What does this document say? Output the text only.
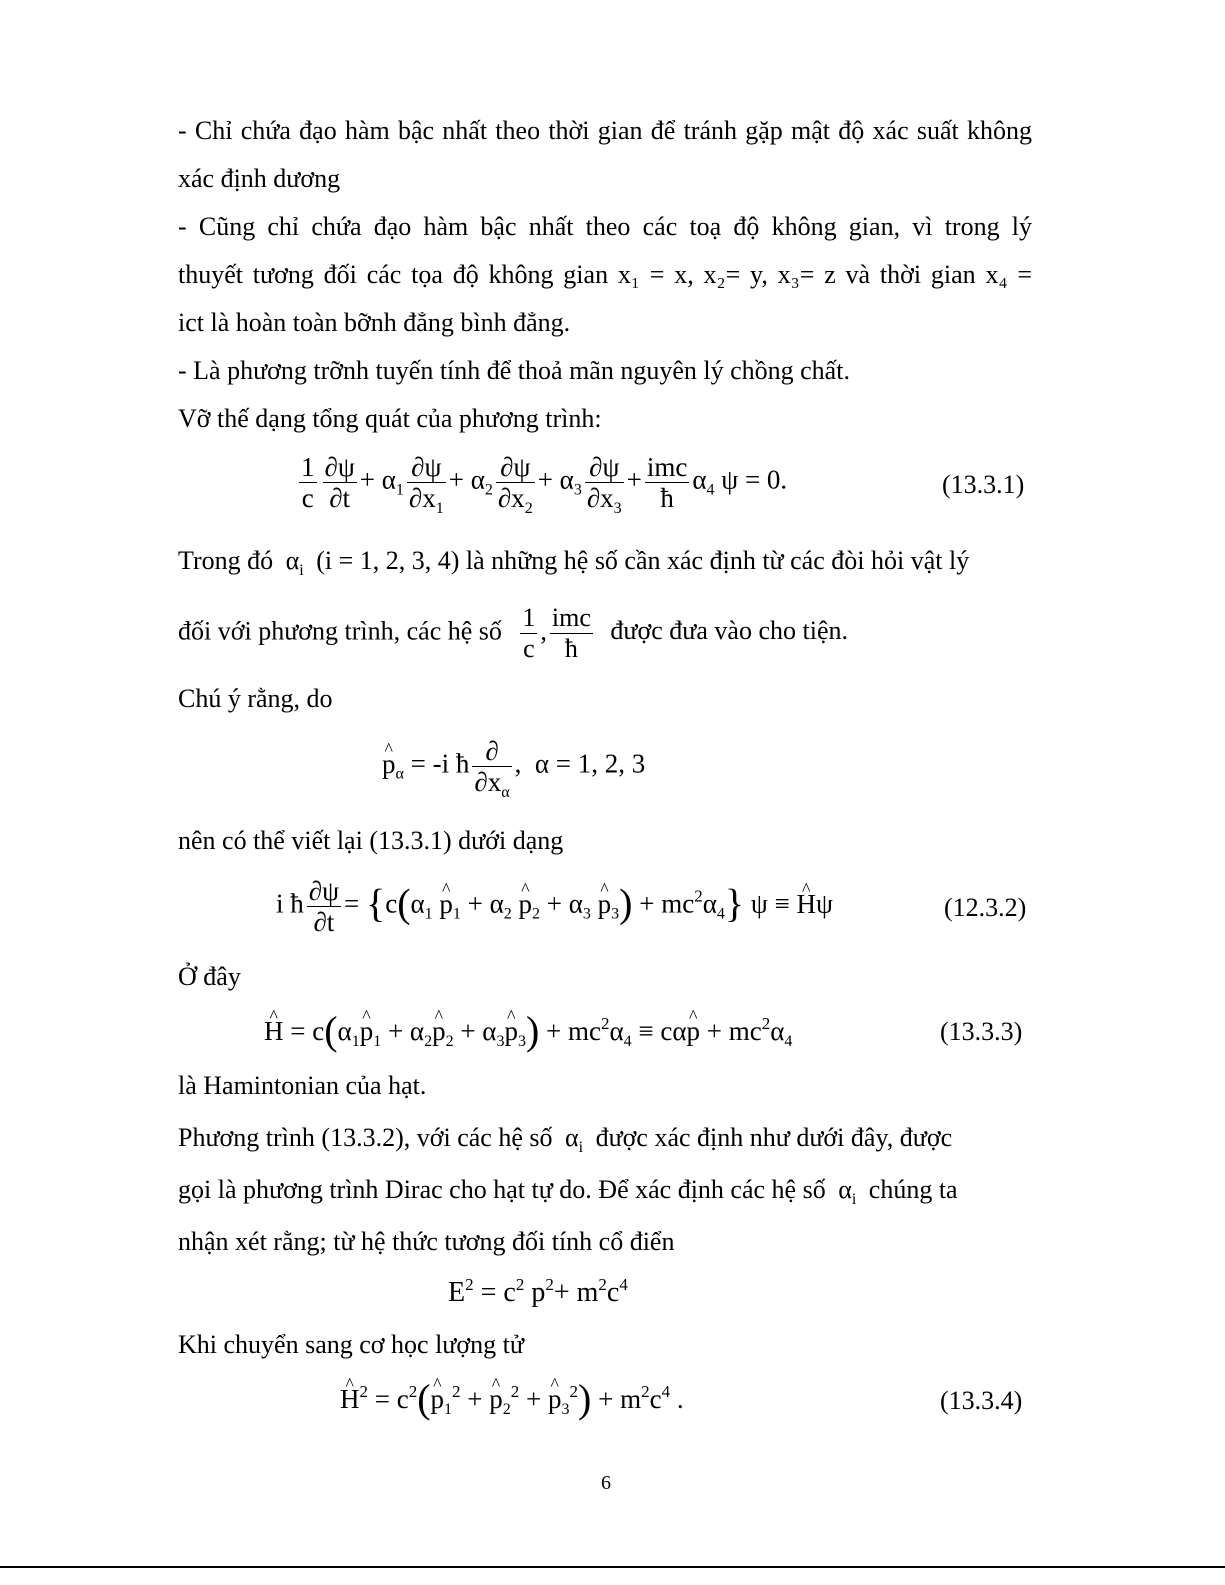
- Chỉ chứa đạo hàm bậc nhất theo thời gian để tránh gặp mật độ xác suất không
xác định dương
- Cũng chỉ chứa đạo hàm bậc nhất theo các toạ độ không gian, vì trong lý
thuyết tương đối các tọa độ không gian x₁ = x, x₂= y, x₃= z và thời gian x₄ =
ict là hoàn toàn bỡnh đẳng bình đẳng.
- Là phương trỡnh tuyến tính để thoả mãn nguyên lý chồng chất.
Vỡ thế dạng tổng quát của phương trình:
$\frac{1}{c} \frac{\partial\psi}{\partial t} + \alpha_1 \frac{\partial\psi}{\partial x_1} + \alpha_2 \frac{\partial\psi}{\partial x_2} + \alpha_3 \frac{\partial\psi}{\partial x_3} + \frac{\text{imc}}{ħ} \alpha_4$ ψ = 0.	(13.3.1)
Trong đó $\alpha_i$ (i = 1, 2, 3, 4) là những hệ số cần xác định từ các đòi hỏi vật lý
đối với phương trình, các hệ số $\frac{1}{c}$ , $\frac{\text{imc}}{ħ}$ được đưa vào cho tiện.
Chú ý rằng, do
^ $p_\alpha = -i$ ħ $\frac{\partial}{\partial x_\alpha}$ ,  α = 1, 2, 3
nên có thể viết lại (13.3.1) dưới dạng
i ħ $\frac{\partial\psi}{\partial t} = \{c(\alpha_1$ ^ $p_1 + \alpha_2$ ^ $p_2 + \alpha_3$ ^ $p_3) + mc^2\alpha_4$} ψ ≡ ^ Hψ	(12.3.2)
Ở đây
^ $H = c(\alpha_1\^{}$ $p_1$ + $\alpha_2\^{}$ $p_2$ + $\alpha_3\^{}$ $p_3) + mc^2\alpha_4$ ≡ cα^ $p + mc^2\alpha_4$	(13.3.3)
là Hamintonian của hạt.
Phương trình (13.3.2), với các hệ số $\alpha_i$ được xác định như dưới đây, được
gọi là phương trình Dirac cho hạt tự do. Để xác định các hệ số $\alpha_i$ chúng ta
nhận xét rằng; từ hệ thức tương đối tính cổ điển
$E^2 = c^2$ $p^2+ m^2c^4$
Khi chuyển sang cơ học lượng tử
^ $H^2$ = $c^2(\^{}$ $p_1^2$ + ^ $p_2^2$ + ^ $p_3^2) + m^2c^4$ .	(13.3.4)
6
